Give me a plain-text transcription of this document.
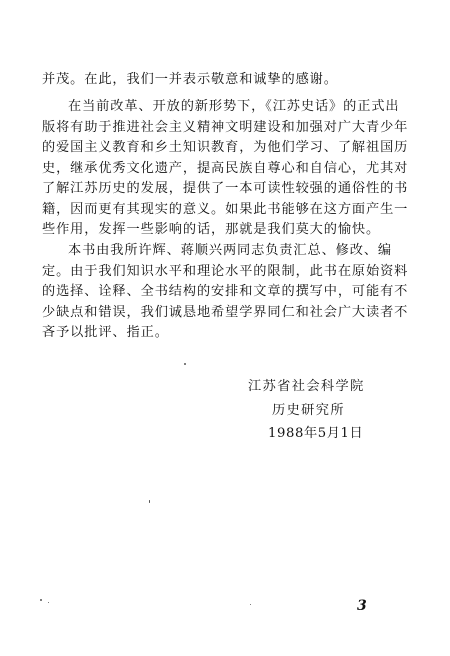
并茂。在此，我们一并表示敬意和诚挚的感谢。
在当前改革、开放的新形势下，《江苏史话》的正式出
版将有助于推进社会主义精神文明建设和加强对广大青少年
的爱国主义教育和乡土知识教育，为他们学习、了解祖国历
史，继承优秀文化遗产，提高民族自尊心和自信心，尤其对
了解江苏历史的发展，提供了一本可读性较强的通俗性的书
籍，因而更有其现实的意义。如果此书能够在这方面产生一
些作用，发挥一些影响的话，那就是我们莫大的愉快。
本书由我所许辉、蒋顺兴两同志负责汇总、修改、编
定。由于我们知识水平和理论水平的限制，此书在原始资料
的选择、诠释、全书结构的安排和文章的撰写中，可能有不
少缺点和错误，我们诚恳地希望学界同仁和社会广大读者不
吝予以批评、指正。
江苏省社会科学院
历史研究所
1988年5月1日
3
